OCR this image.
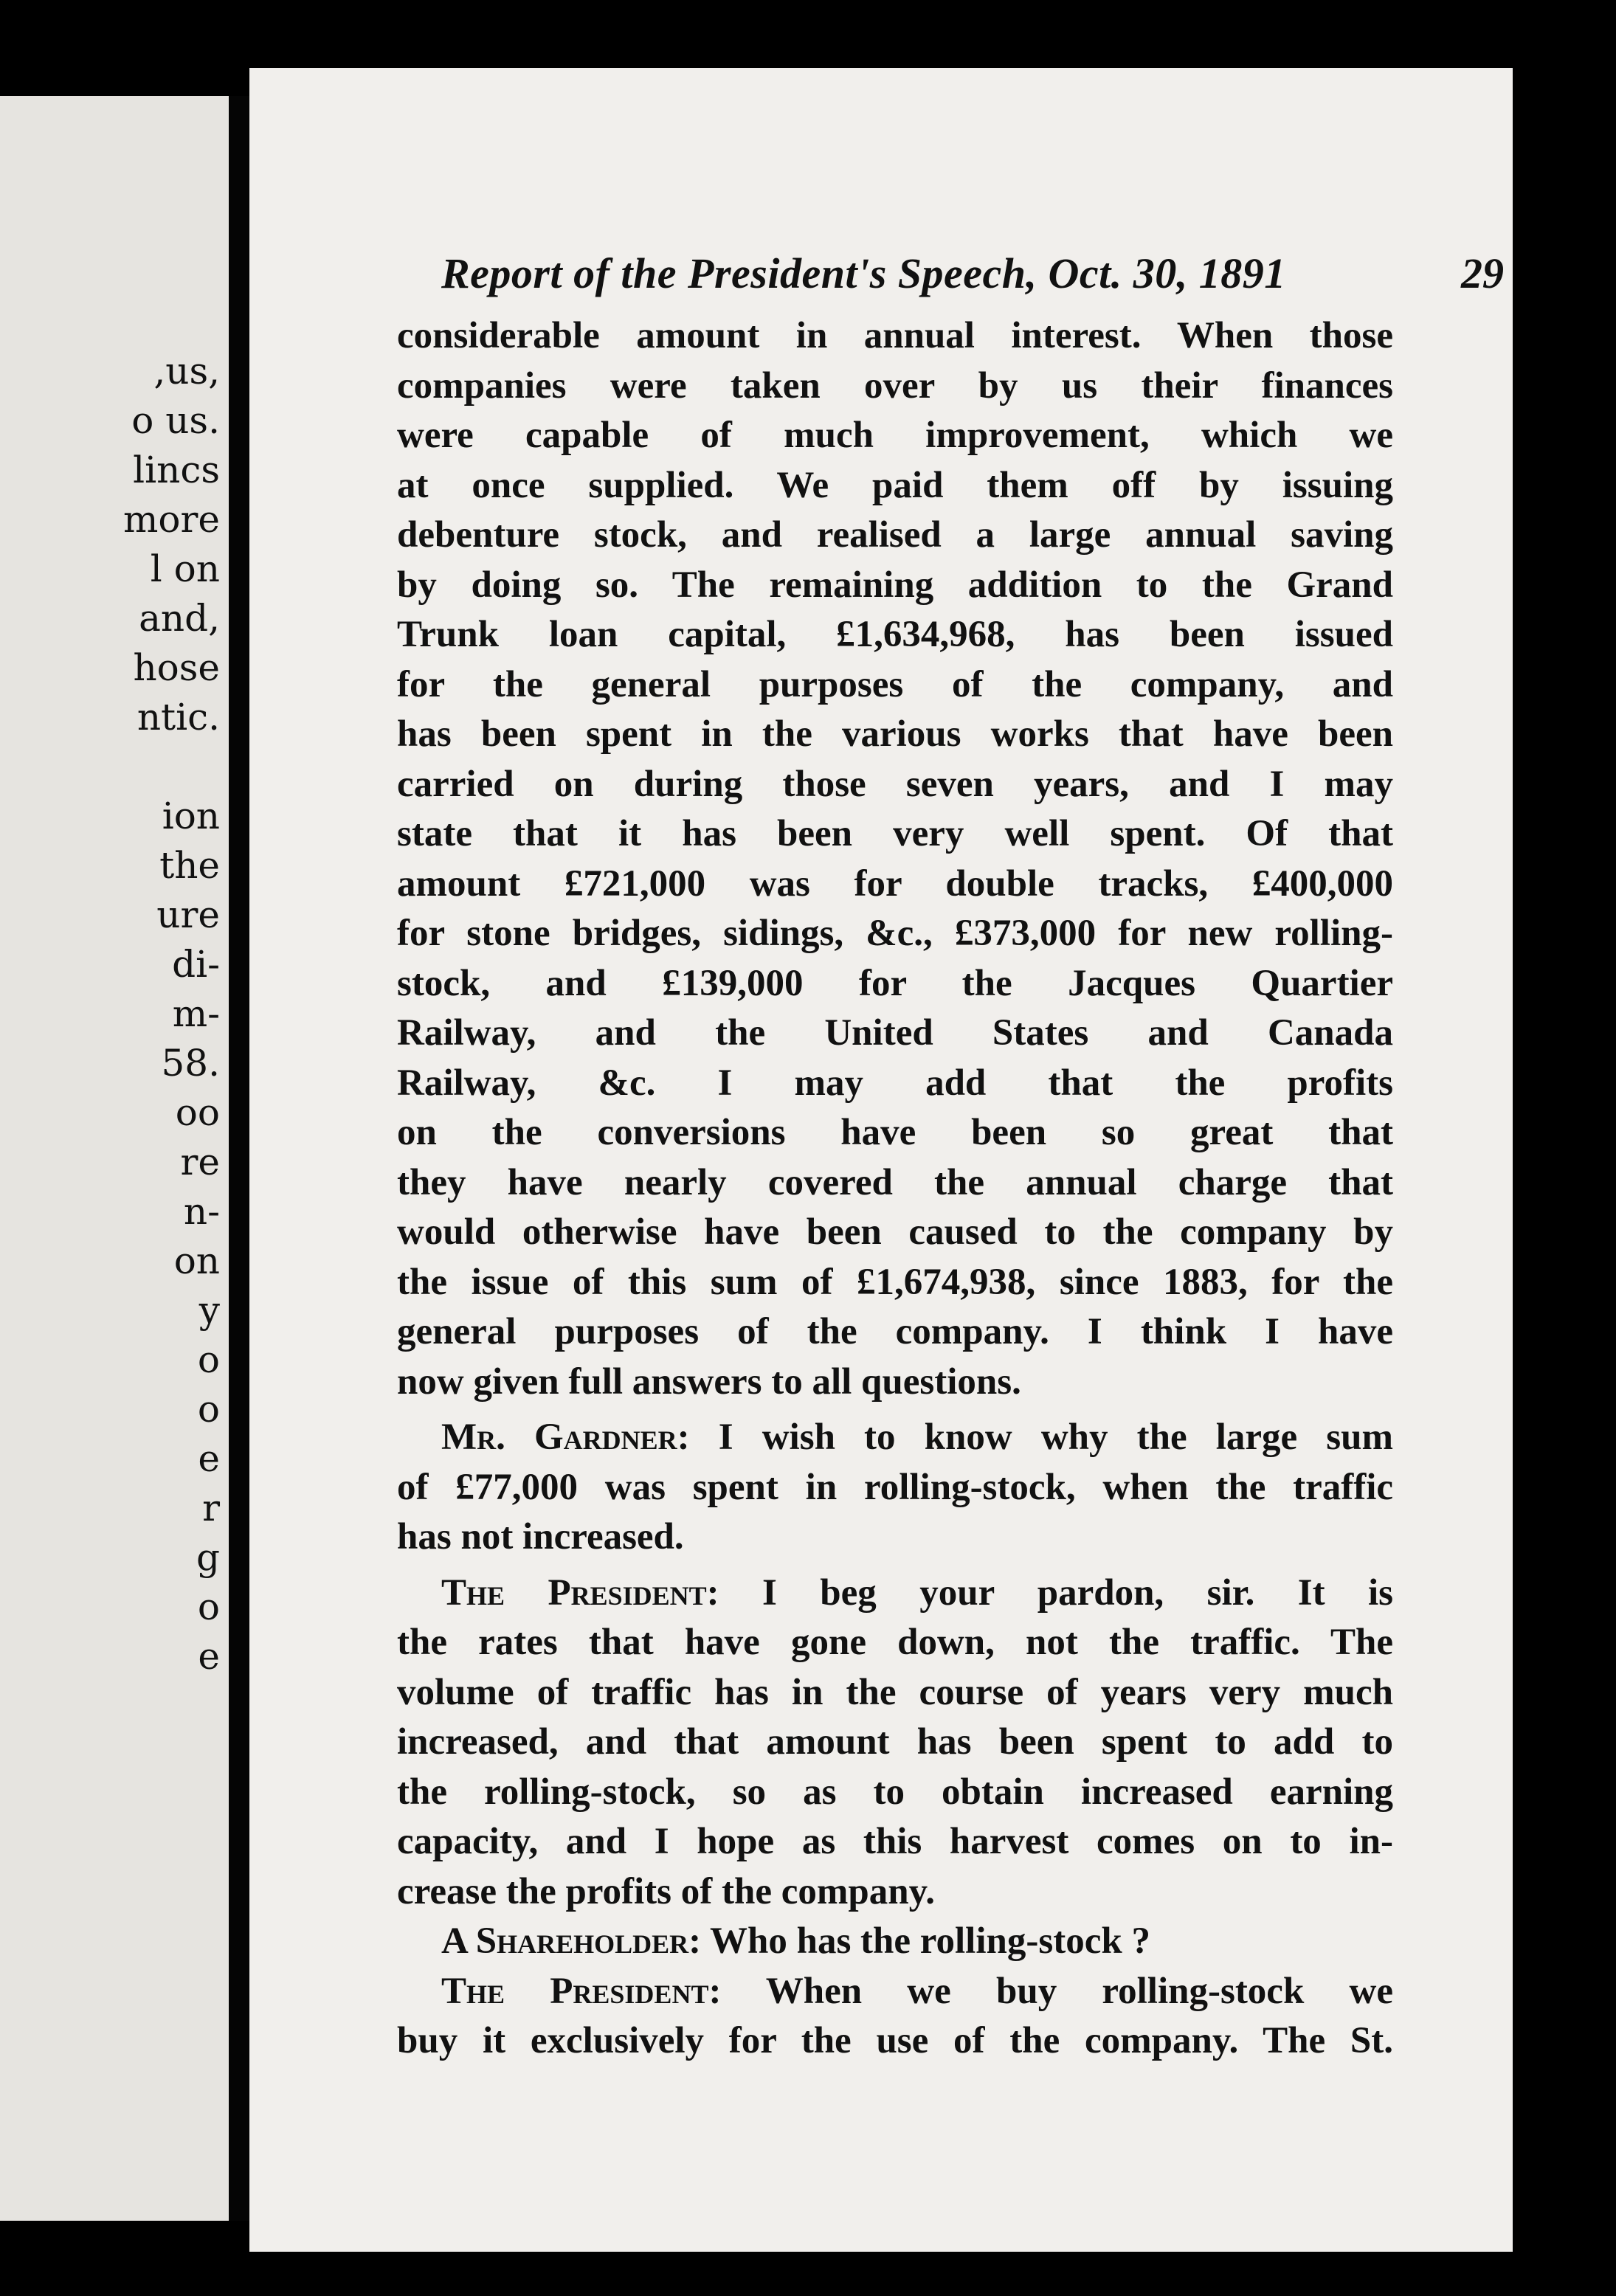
,us,
o us.
lincs
more
l on
and,
hose
ntic.
ion
the
ure
di-
m-
58.
oo
re
n-
on
y
o
o
e
r
g
o
e
Report of the President's Speech, Oct. 30, 1891	29
considerable amount in annual interest. When those
companies were taken over by us their finances
were capable of much improvement, which we
at once supplied. We paid them off by issuing
debenture stock, and realised a large annual saving
by doing so. The remaining addition to the Grand
Trunk loan capital, £1,634,968, has been issued
for the general purposes of the company, and
has been spent in the various works that have been
carried on during those seven years, and I may
state that it has been very well spent. Of that
amount £721,000 was for double tracks, £400,000
for stone bridges, sidings, &c., £373,000 for new rolling-
stock, and £139,000 for the Jacques Quartier
Railway, and the United States and Canada
Railway, &c. I may add that the profits
on the conversions have been so great that
they have nearly covered the annual charge that
would otherwise have been caused to the company by
the issue of this sum of £1,674,938, since 1883, for the
general purposes of the company. I think I have
now given full answers to all questions.
Mr. Gardner: I wish to know why the large sum
of £77,000 was spent in rolling-stock, when the traffic
has not increased.
The President: I beg your pardon, sir. It is
the rates that have gone down, not the traffic. The
volume of traffic has in the course of years very much
increased, and that amount has been spent to add to
the rolling-stock, so as to obtain increased earning
capacity, and I hope as this harvest comes on to in-
crease the profits of the company.
A Shareholder: Who has the rolling-stock ?
The President: When we buy rolling-stock we
buy it exclusively for the use of the company. The St.
